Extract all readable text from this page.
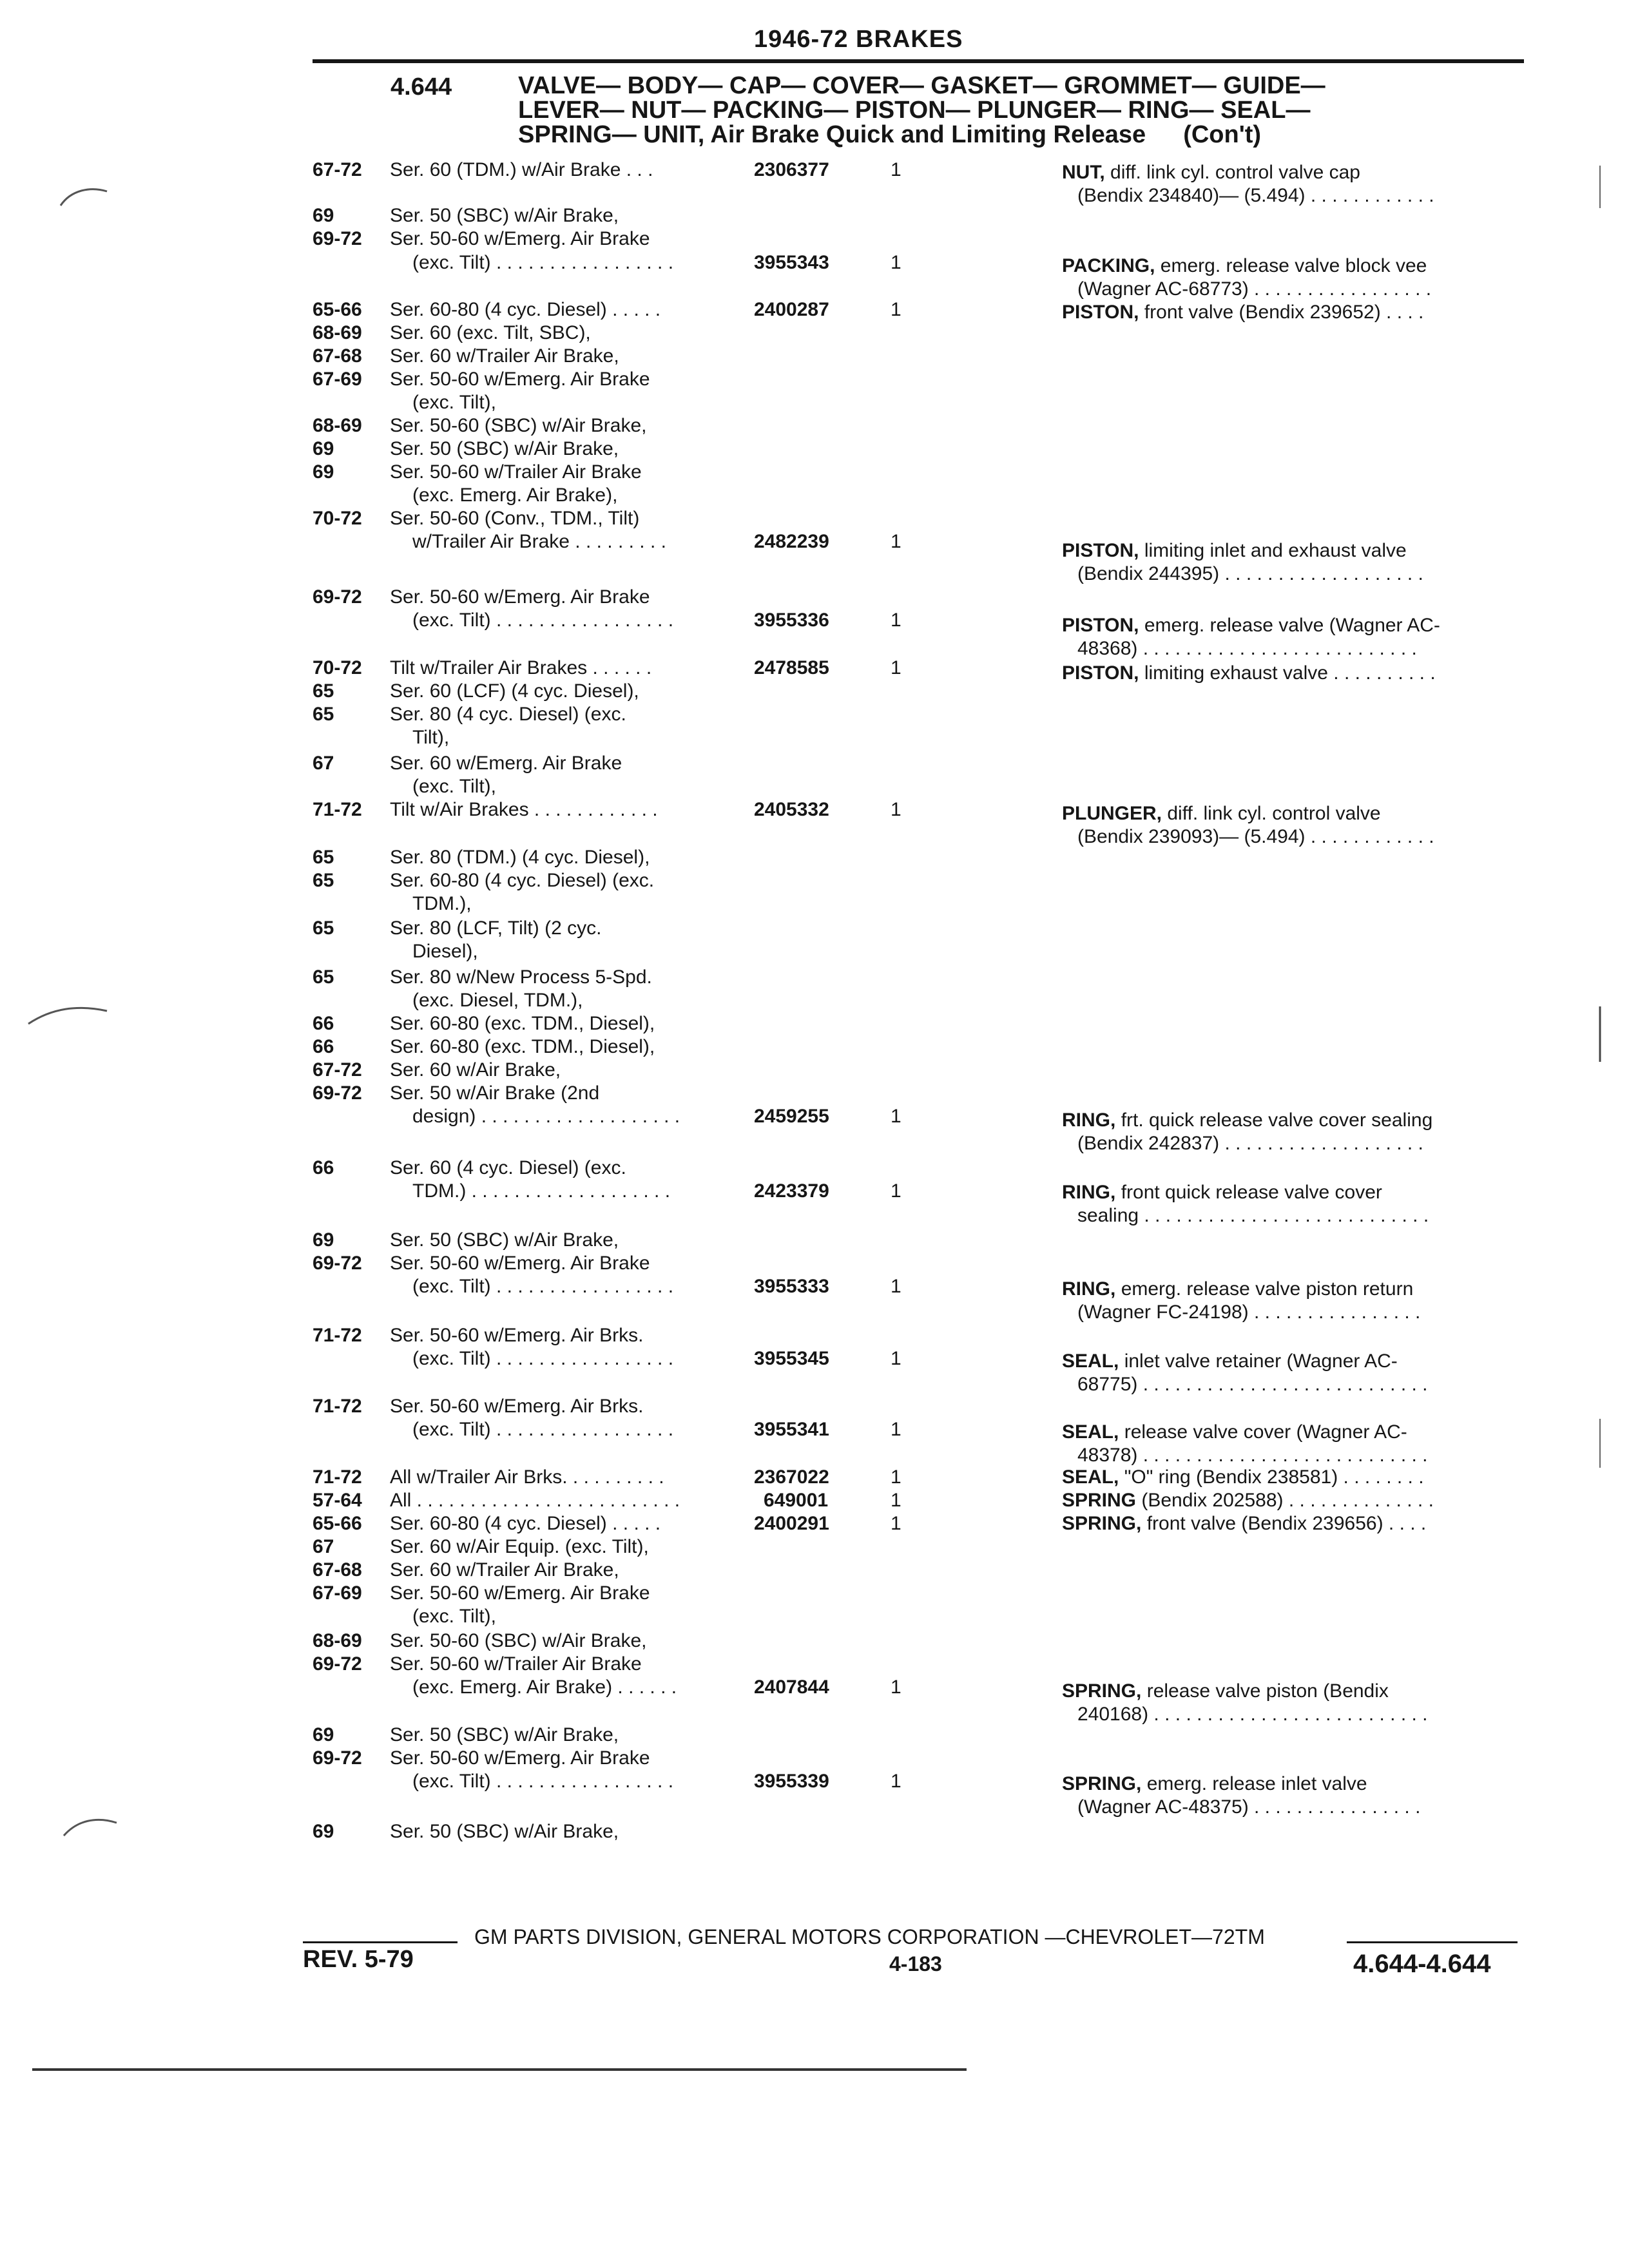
1946-72 BRAKES
4.644	VALVE— BODY— CAP— COVER— GASKET— GROMMET— GUIDE—
LEVER— NUT— PACKING— PISTON— PLUNGER— RING— SEAL—
SPRING— UNIT, Air Brake Quick and Limiting Release (Con't)
67-72 Ser. 60 (TDM.) w/Air Brake . . .	2306377	1	NUT, diff. link cyl. control valve cap
(Bendix 234840)— (5.494) . . . . . . . . . . . .
69	Ser. 50 (SBC) w/Air Brake,
69-72 Ser. 50-60 w/Emerg. Air Brake
(exc. Tilt) . . . . . . . . . . . . . . . . .	3955343	1	PACKING, emerg. release valve block vee
(Wagner AC-68773) . . . . . . . . . . . . . . . . .
65-66 Ser. 60-80 (4 cyc. Diesel) . . . . .	2400287	1	PISTON, front valve (Bendix 239652) . . . .
68-69 Ser. 60 (exc. Tilt, SBC),
67-68 Ser. 60 w/Trailer Air Brake,
67-69 Ser. 50-60 w/Emerg. Air Brake
(exc. Tilt),
68-69 Ser. 50-60 (SBC) w/Air Brake,
69	Ser. 50 (SBC) w/Air Brake,
69	Ser. 50-60 w/Trailer Air Brake
(exc. Emerg. Air Brake),
70-72 Ser. 50-60 (Conv., TDM., Tilt)
w/Trailer Air Brake . . . . . . . . .	2482239	1	PISTON, limiting inlet and exhaust valve
(Bendix 244395) . . . . . . . . . . . . . . . . . . .
69-72 Ser. 50-60 w/Emerg. Air Brake
(exc. Tilt) . . . . . . . . . . . . . . . . .	3955336	1	PISTON, emerg. release valve (Wagner AC-
48368) . . . . . . . . . . . . . . . . . . . . . . . . . .
70-72 Tilt w/Trailer Air Brakes . . . . . .	2478585	1	PISTON, limiting exhaust valve . . . . . . . . . .
65	Ser. 60 (LCF) (4 cyc. Diesel),
65	Ser. 80 (4 cyc. Diesel) (exc.
Tilt),
67	Ser. 60 w/Emerg. Air Brake
(exc. Tilt),
71-72 Tilt w/Air Brakes . . . . . . . . . . . .	2405332	1	PLUNGER, diff. link cyl. control valve
(Bendix 239093)— (5.494) . . . . . . . . . . . .
65	Ser. 80 (TDM.) (4 cyc. Diesel),
65	Ser. 60-80 (4 cyc. Diesel) (exc.
TDM.),
65	Ser. 80 (LCF, Tilt) (2 cyc.
Diesel),
65	Ser. 80 w/New Process 5-Spd.
(exc. Diesel, TDM.),
66	Ser. 60-80 (exc. TDM., Diesel),
66	Ser. 60-80 (exc. TDM., Diesel),
67-72 Ser. 60 w/Air Brake,
69-72 Ser. 50 w/Air Brake (2nd
design) . . . . . . . . . . . . . . . . . . .	2459255	1	RING, frt. quick release valve cover sealing
(Bendix 242837) . . . . . . . . . . . . . . . . . . .
66	Ser. 60 (4 cyc. Diesel) (exc.
TDM.) . . . . . . . . . . . . . . . . . . .	2423379	1	RING, front quick release valve cover
sealing . . . . . . . . . . . . . . . . . . . . . . . . . . .
69	Ser. 50 (SBC) w/Air Brake,
69-72 Ser. 50-60 w/Emerg. Air Brake
(exc. Tilt) . . . . . . . . . . . . . . . . .	3955333	1	RING, emerg. release valve piston return
(Wagner FC-24198) . . . . . . . . . . . . . . . .
71-72 Ser. 50-60 w/Emerg. Air Brks.
(exc. Tilt) . . . . . . . . . . . . . . . . .	3955345	1	SEAL, inlet valve retainer (Wagner AC-
68775) . . . . . . . . . . . . . . . . . . . . . . . . . . .
71-72 Ser. 50-60 w/Emerg. Air Brks.
(exc. Tilt) . . . . . . . . . . . . . . . . .	3955341	1	SEAL, release valve cover (Wagner AC-
48378) . . . . . . . . . . . . . . . . . . . . . . . . . . .
71-72 All w/Trailer Air Brks. . . . . . . . . .	2367022	1	SEAL, "O" ring (Bendix 238581) . . . . . . . .
57-64 All . . . . . . . . . . . . . . . . . . . . . . . . .	649001	1	SPRING (Bendix 202588) . . . . . . . . . . . . . .
65-66 Ser. 60-80 (4 cyc. Diesel) . . . . .	2400291	1	SPRING, front valve (Bendix 239656) . . . .
67	Ser. 60 w/Air Equip. (exc. Tilt),
67-68 Ser. 60 w/Trailer Air Brake,
67-69 Ser. 50-60 w/Emerg. Air Brake
(exc. Tilt),
68-69 Ser. 50-60 (SBC) w/Air Brake,
69-72 Ser. 50-60 w/Trailer Air Brake
(exc. Emerg. Air Brake) . . . . . .	2407844	1	SPRING, release valve piston (Bendix
240168) . . . . . . . . . . . . . . . . . . . . . . . . . .
69	Ser. 50 (SBC) w/Air Brake,
69-72 Ser. 50-60 w/Emerg. Air Brake
(exc. Tilt) . . . . . . . . . . . . . . . . .	3955339	1	SPRING, emerg. release inlet valve
(Wagner AC-48375) . . . . . . . . . . . . . . . .
69	Ser. 50 (SBC) w/Air Brake,
GM PARTS DIVISION, GENERAL MOTORS CORPORATION —CHEVROLET—72TM
REV. 5-79	4-183	4.644-4.644
